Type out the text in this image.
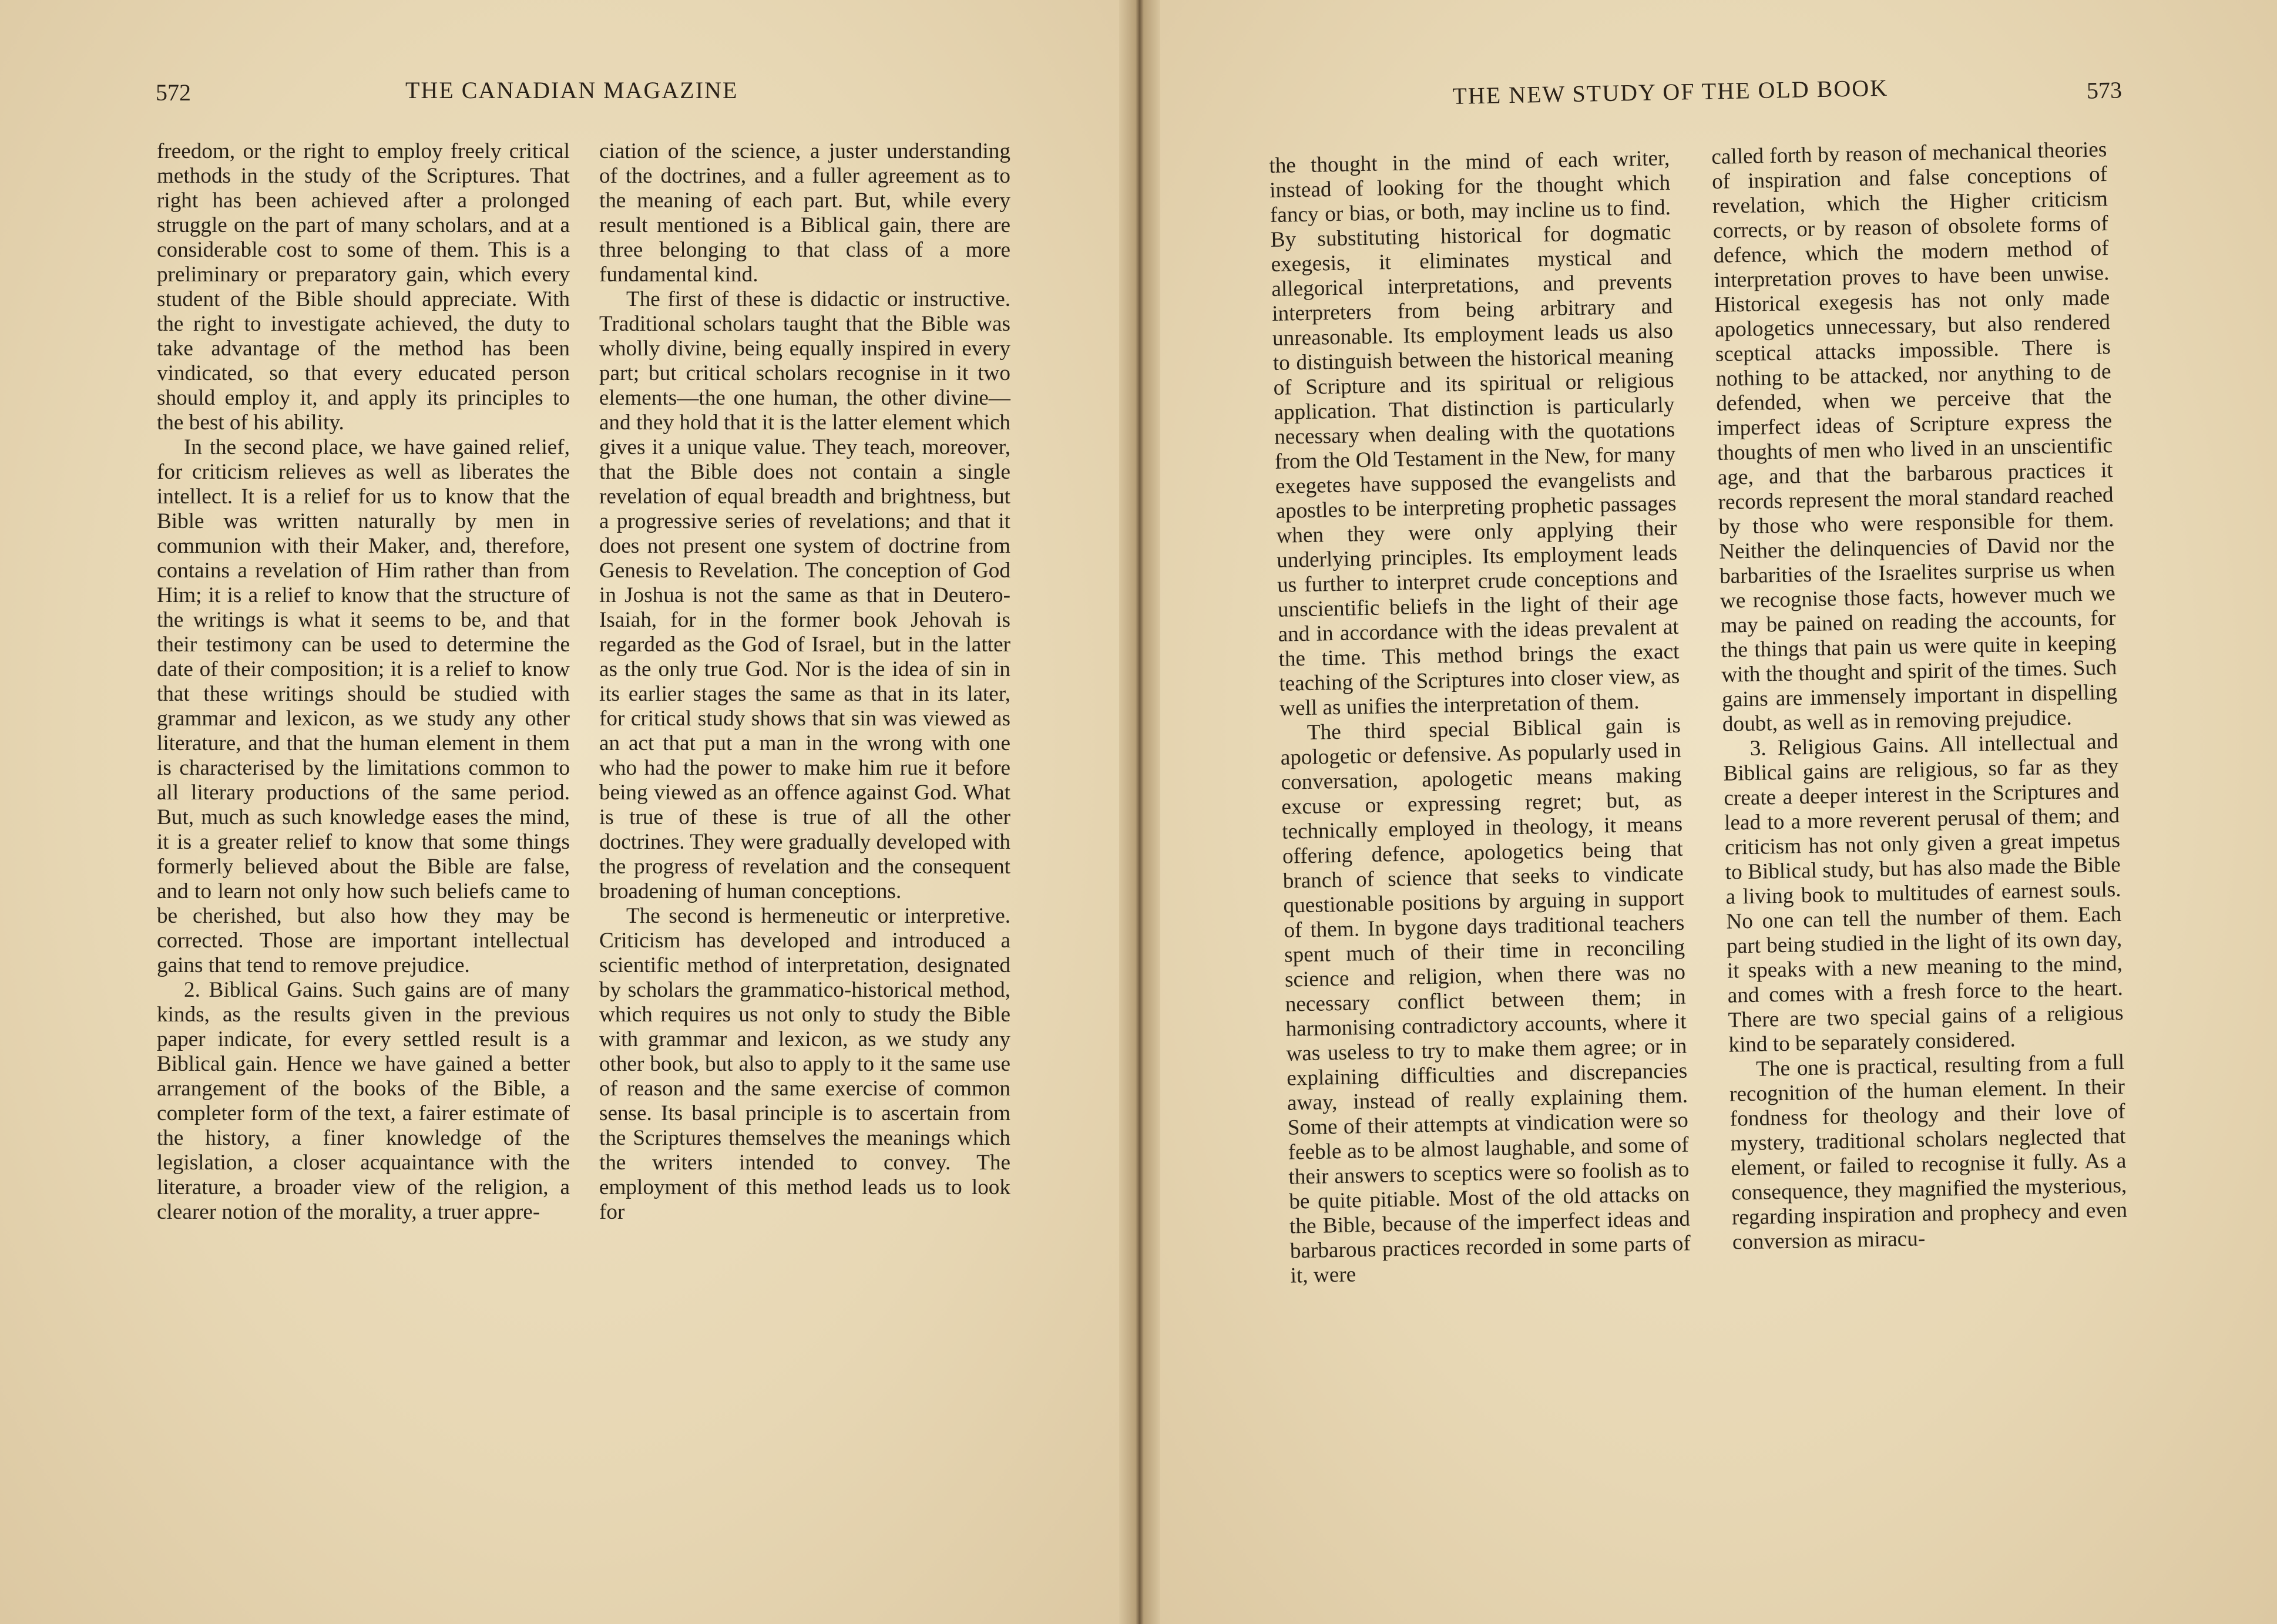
572	THE CANADIAN MAGAZINE

freedom, or the right to employ freely critical methods in the study of the Scriptures. That right has been achieved after a prolonged struggle on the part of many scholars, and at a considerable cost to some of them. This is a preliminary or preparatory gain, which every student of the Bible should appreciate. With the right to investigate achieved, the duty to take advantage of the method has been vindicated, so that every educated person should employ it, and apply its principles to the best of his ability.

In the second place, we have gained relief, for criticism relieves as well as liberates the intellect. It is a relief for us to know that the Bible was written naturally by men in communion with their Maker, and, therefore, contains a revelation of Him rather than from Him; it is a relief to know that the structure of the writings is what it seems to be, and that their testimony can be used to determine the date of their composition; it is a relief to know that these writings should be studied with grammar and lexicon, as we study any other literature, and that the human element in them is characterised by the limitations common to all literary productions of the same period. But, much as such knowledge eases the mind, it is a greater relief to know that some things formerly believed about the Bible are false, and to learn not only how such beliefs came to be cherished, but also how they may be corrected. Those are important intellectual gains that tend to remove prejudice.

2. Biblical Gains. Such gains are of many kinds, as the results given in the previous paper indicate, for every settled result is a Biblical gain. Hence we have gained a better arrangement of the books of the Bible, a completer form of the text, a fairer estimate of the history, a finer knowledge of the legislation, a closer acquaintance with the literature, a broader view of the religion, a clearer notion of the morality, a truer appre-

ciation of the science, a juster understanding of the doctrines, and a fuller agreement as to the meaning of each part. But, while every result mentioned is a Biblical gain, there are three belonging to that class of a more fundamental kind.

The first of these is didactic or instructive. Traditional scholars taught that the Bible was wholly divine, being equally inspired in every part; but critical scholars recognise in it two elements—the one human, the other divine—and they hold that it is the latter element which gives it a unique value. They teach, moreover, that the Bible does not contain a single revelation of equal breadth and brightness, but a progressive series of revelations; and that it does not present one system of doctrine from Genesis to Revelation. The conception of God in Joshua is not the same as that in Deutero-Isaiah, for in the former book Jehovah is regarded as the God of Israel, but in the latter as the only true God. Nor is the idea of sin in its earlier stages the same as that in its later, for critical study shows that sin was viewed as an act that put a man in the wrong with one who had the power to make him rue it before being viewed as an offence against God. What is true of these is true of all the other doctrines. They were gradually developed with the progress of revelation and the consequent broadening of human conceptions.

The second is hermeneutic or interpretive. Criticism has developed and introduced a scientific method of interpretation, designated by scholars the grammatico-historical method, which requires us not only to study the Bible with grammar and lexicon, as we study any other book, but also to apply to it the same use of reason and the same exercise of common sense. Its basal principle is to ascertain from the Scriptures themselves the meanings which the writers intended to convey. The employment of this method leads us to look for

THE NEW STUDY OF THE OLD BOOK	573

the thought in the mind of each writer, instead of looking for the thought which fancy or bias, or both, may incline us to find. By substituting historical for dogmatic exegesis, it eliminates mystical and allegorical interpretations, and prevents interpreters from being arbitrary and unreasonable. Its employment leads us also to distinguish between the historical meaning of Scripture and its spiritual or religious application. That distinction is particularly necessary when dealing with the quotations from the Old Testament in the New, for many exegetes have supposed the evangelists and apostles to be interpreting prophetic passages when they were only applying their underlying principles. Its employment leads us further to interpret crude conceptions and unscientific beliefs in the light of their age and in accordance with the ideas prevalent at the time. This method brings the exact teaching of the Scriptures into closer view, as well as unifies the interpretation of them.

The third special Biblical gain is apologetic or defensive. As popularly used in conversation, apologetic means making excuse or expressing regret; but, as technically employed in theology, it means offering defence, apologetics being that branch of science that seeks to vindicate questionable positions by arguing in support of them. In bygone days traditional teachers spent much of their time in reconciling science and religion, when there was no necessary conflict between them; in harmonising contradictory accounts, where it was useless to try to make them agree; or in explaining difficulties and discrepancies away, instead of really explaining them. Some of their attempts at vindication were so feeble as to be almost laughable, and some of their answers to sceptics were so foolish as to be quite pitiable. Most of the old attacks on the Bible, because of the imperfect ideas and barbarous practices recorded in some parts of it, were

called forth by reason of mechanical theories of inspiration and false conceptions of revelation, which the Higher criticism corrects, or by reason of obsolete forms of defence, which the modern method of interpretation proves to have been unwise. Historical exegesis has not only made apologetics unnecessary, but also rendered sceptical attacks impossible. There is nothing to be attacked, nor anything to de defended, when we perceive that the imperfect ideas of Scripture express the thoughts of men who lived in an unscientific age, and that the barbarous practices it records represent the moral standard reached by those who were responsible for them. Neither the delinquencies of David nor the barbarities of the Israelites surprise us when we recognise those facts, however much we may be pained on reading the accounts, for the things that pain us were quite in keeping with the thought and spirit of the times. Such gains are immensely important in dispelling doubt, as well as in removing prejudice.

3. Religious Gains. All intellectual and Biblical gains are religious, so far as they create a deeper interest in the Scriptures and lead to a more reverent perusal of them; and criticism has not only given a great impetus to Biblical study, but has also made the Bible a living book to multitudes of earnest souls. No one can tell the number of them. Each part being studied in the light of its own day, it speaks with a new meaning to the mind, and comes with a fresh force to the heart. There are two special gains of a religious kind to be separately considered.

The one is practical, resulting from a full recognition of the human element. In their fondness for theology and their love of mystery, traditional scholars neglected that element, or failed to recognise it fully. As a consequence, they magnified the mysterious, regarding inspiration and prophecy and even conversion as miracu-
